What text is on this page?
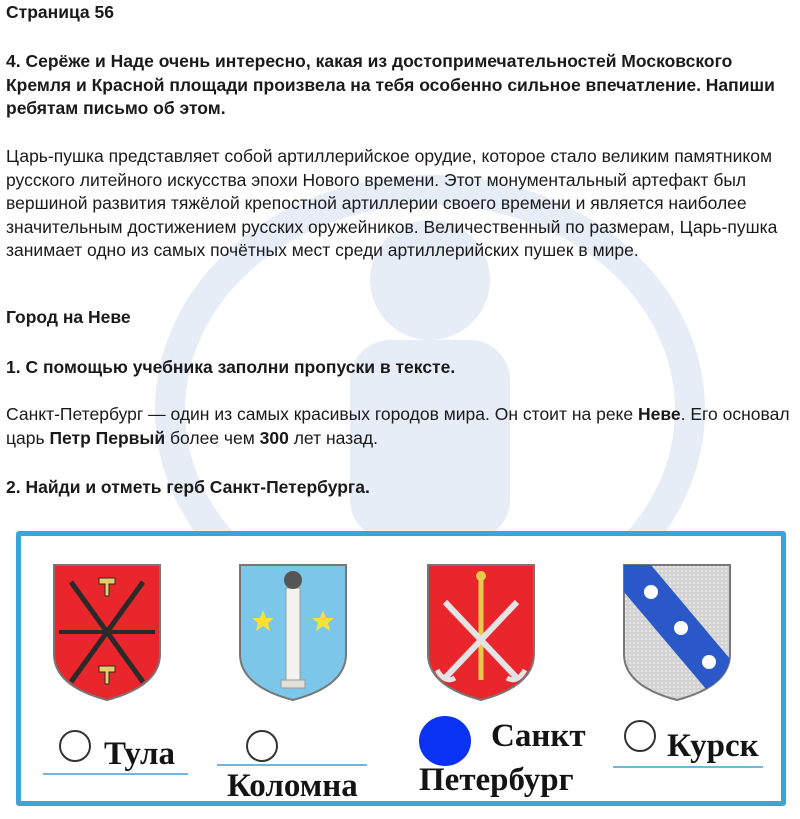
Страница 56
4. Серёже и Наде очень интересно, какая из достопримечательностей Московского Кремля и Красной площади произвела на тебя особенно сильное впечатление. Напиши ребятам письмо об этом.
Царь-пушка представляет собой артиллерийское орудие, которое стало великим памятником русского литейного искусства эпохи Нового времени. Этот монументальный артефакт был вершиной развития тяжёлой крепостной артиллерии своего времени и является наиболее значительным достижением русских оружейников. Величественный по размерам, Царь-пушка занимает одно из самых почётных мест среди артиллерийских пушек в мире.
Город на Неве
1. С помощью учебника заполни пропуски в тексте.
Санкт-Петербург — один из самых красивых городов мира. Он стоит на реке Неве. Его основал царь Петр Первый более чем 300 лет назад.
2. Найди и отметь герб Санкт-Петербурга.
Тула
Коломна
Санкт
Петербург
Курск
